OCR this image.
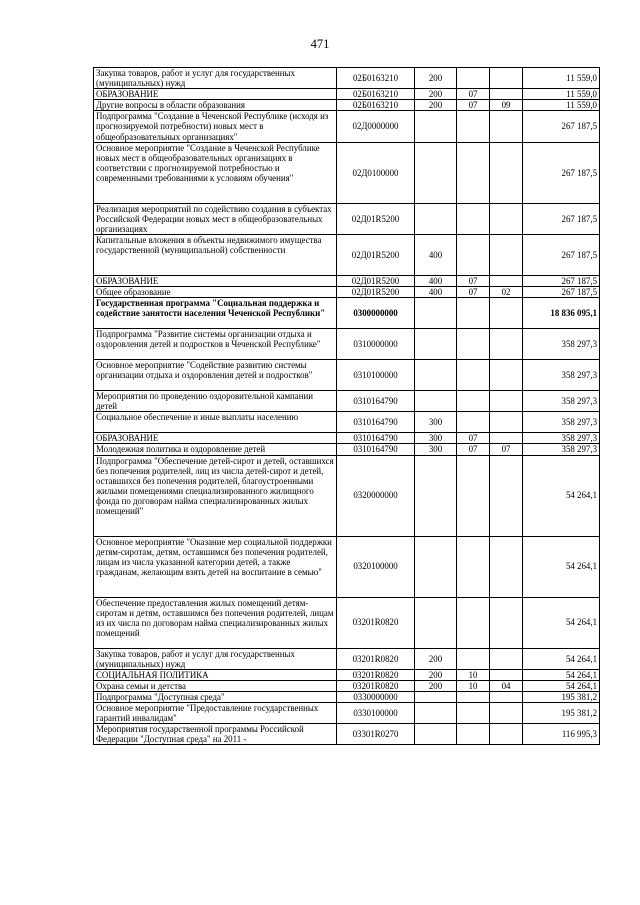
471
Закупка товаров, работ и услуг для государственных (муниципальных) нужд	02Б0163210	200			11 559,0
ОБРАЗОВАНИЕ	02Б0163210	200	07		11 559,0
Другие вопросы в области образования	02Б0163210	200	07	09	11 559,0
Подпрограмма "Создание в Чеченской Республике (исходя из прогнозируемой потребности) новых мест в общеобразовательных организациях"	02Д0000000				267 187,5
Основное мероприятие "Создание в Чеченской Республике новых мест в общеобразовательных организациях в соответствии с прогнозируемой потребностью и современными требованиями к условиям обучения"	02Д0100000				267 187,5
Реализация мероприятий по содействию создания в субъектах Российской Федерации новых мест в общеобразовательных организациях	02Д01R5200				267 187,5
Капитальные вложения в объекты недвижимого имущества государственной (муниципальной) собственности	02Д01R5200	400			267 187,5
ОБРАЗОВАНИЕ	02Д01R5200	400	07		267 187,5
Общее образование	02Д01R5200	400	07	02	267 187,5
Государственная программа "Социальная поддержка и содействие занятости населения Чеченской Республики"	0300000000				18 836 095,1
Подпрограмма "Развитие системы организации отдыха и оздоровления детей и подростков в Чеченской Республике"	0310000000				358 297,3
Основное мероприятие "Содействие развитию системы организации отдыха и оздоровления детей и подростков"	0310100000				358 297,3
Мероприятия по проведению оздоровительной кампании детей	0310164790				358 297,3
Социальное обеспечение и иные выплаты населению	0310164790	300			358 297,3
ОБРАЗОВАНИЕ	0310164790	300	07		358 297,3
Молодежная политика и оздоровление детей	0310164790	300	07	07	358 297,3
Подпрограмма "Обеспечение детей-сирот и детей, оставшихся без попечения родителей, лиц из числа детей-сирот и детей, оставшихся без попечения родителей, благоустроенными жилыми помещениями специализированного жилищного фонда по договорам найма специализированных жилых помещений"	0320000000				54 264,1
Основное мероприятие "Оказание мер социальной поддержки детям-сиротам, детям, оставшимся без попечения родителей, лицам из числа указанной категории детей, а также гражданам, желающим взять детей на воспитание в семью"	0320100000				54 264,1
Обеспечение предоставления жилых помещений детям-сиротам и детям, оставшимся без попечения родителей, лицам из их числа по договорам найма специализированных жилых помещений	03201R0820				54 264,1
Закупка товаров, работ и услуг для государственных (муниципальных) нужд	03201R0820	200			54 264,1
СОЦИАЛЬНАЯ ПОЛИТИКА	03201R0820	200	10		54 264,1
Охрана семьи и детства	03201R0820	200	10	04	54 264,1
Подпрограмма "Доступная среда"	0330000000				195 381,2
Основное мероприятие "Предоставление государственных гарантий инвалидам"	0330100000				195 381,2
Мероприятия государственной программы Российской Федерации "Доступная среда" на 2011 -	03301R0270				116 995,3
